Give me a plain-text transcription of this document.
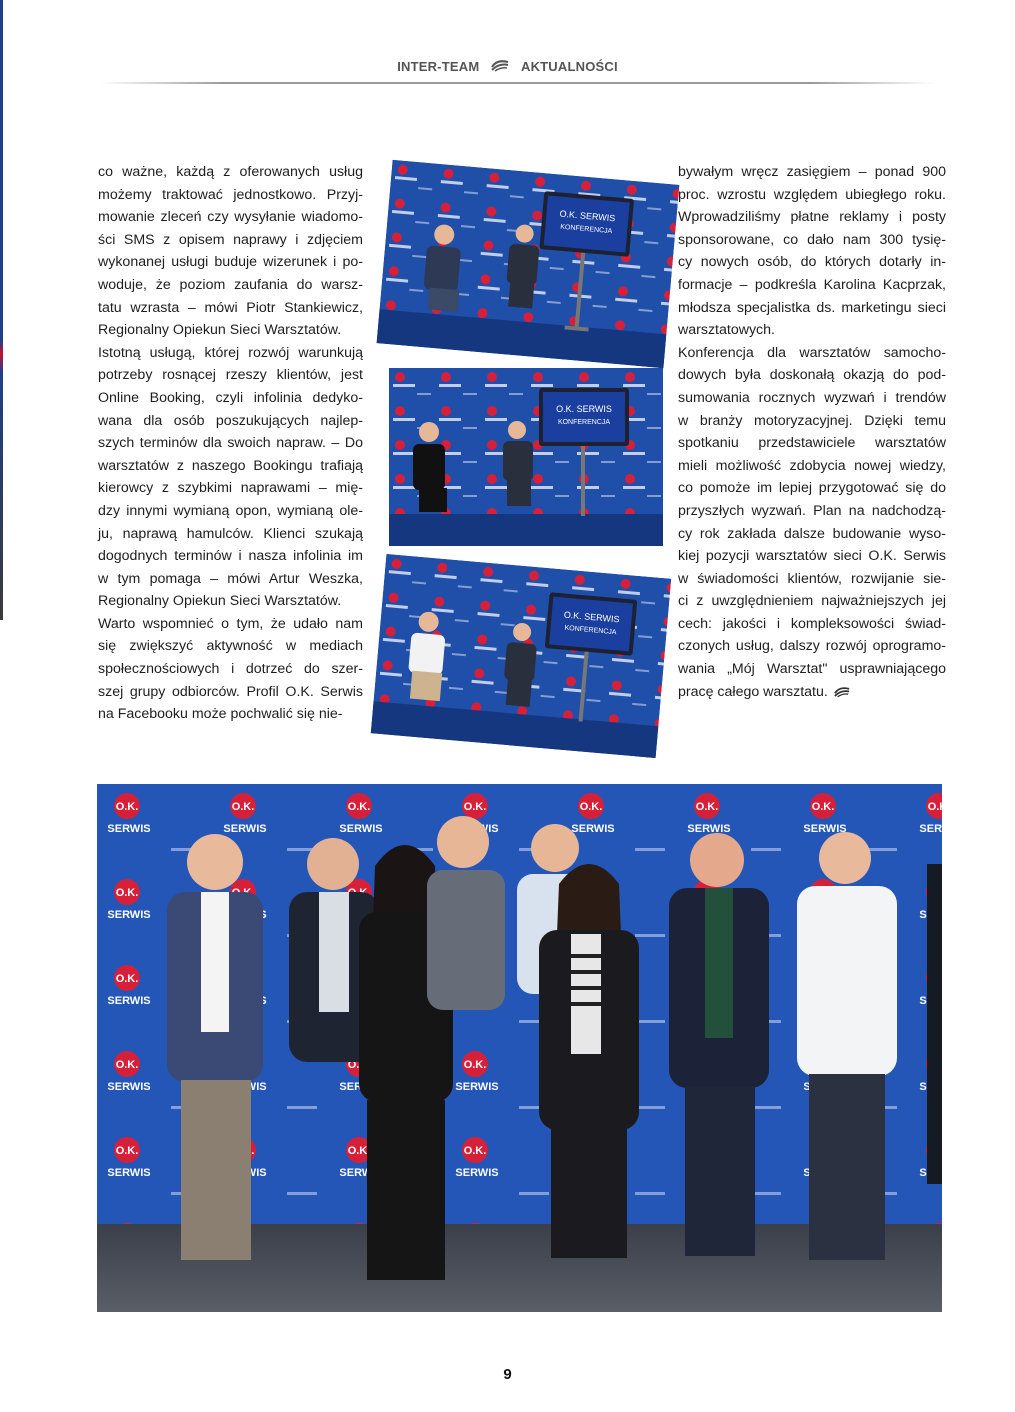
INTER-TEAM	AKTUALNOŚCI
co ważne, każdą z oferowanych usług
możemy traktować jednostkowo. Przyj-
mowanie zleceń czy wysyłanie wiadomo-
ści SMS z opisem naprawy i zdjęciem
wykonanej usługi buduje wizerunek i po-
woduje, że poziom zaufania do warsz-
tatu wzrasta – mówi Piotr Stankiewicz,
Regionalny Opiekun Sieci Warsztatów.
Istotną usługą, której rozwój warunkują
potrzeby rosnącej rzeszy klientów, jest
Online Booking, czyli infolinia dedyko-
wana dla osób poszukujących najlep-
szych terminów dla swoich napraw. – Do
warsztatów z naszego Bookingu trafiają
kierowcy z szybkimi naprawami – mię-
dzy innymi wymianą opon, wymianą ole-
ju, naprawą hamulców. Klienci szukają
dogodnych terminów i nasza infolinia im
w tym pomaga – mówi Artur Weszka,
Regionalny Opiekun Sieci Warsztatów.
Warto wspomnieć o tym, że udało nam
się zwiększyć aktywność w mediach
społecznościowych i dotrzeć do szer-
szej grupy odbiorców. Profil O.K. Serwis
na Facebooku może pochwalić się nie-
O.K. SERWIS
KONFERENCJA
O.K. SERWIS
KONFERENCJA
O.K. SERWIS
KONFERENCJA
bywałym wręcz zasięgiem – ponad 900
proc. wzrostu względem ubiegłego roku.
Wprowadziliśmy płatne reklamy i posty
sponsorowane, co dało nam 300 tysię-
cy nowych osób, do których dotarły in-
formacje – podkreśla Karolina Kacprzak,
młodsza specjalistka ds. marketingu sieci
warsztatowych.
Konferencja dla warsztatów samocho-
dowych była doskonałą okazją do pod-
sumowania rocznych wyzwań i trendów
w branży motoryzacyjnej. Dzięki temu
spotkaniu przedstawiciele warsztatów
mieli możliwość zdobycia nowej wiedzy,
co pomoże im lepiej przygotować się do
przyszłych wyzwań. Plan na nadchodzą-
cy rok zakłada dalsze budowanie wyso-
kiej pozycji warsztatów sieci O.K. Serwis
w świadomości klientów, rozwijanie sie-
ci z uwzględnieniem najważniejszych jej
cech: jakości i kompleksowości świad-
czonych usług, dalszy rozwój oprogramo-
wania „Mój Warsztat" usprawniającego
pracę całego warsztatu.
9
